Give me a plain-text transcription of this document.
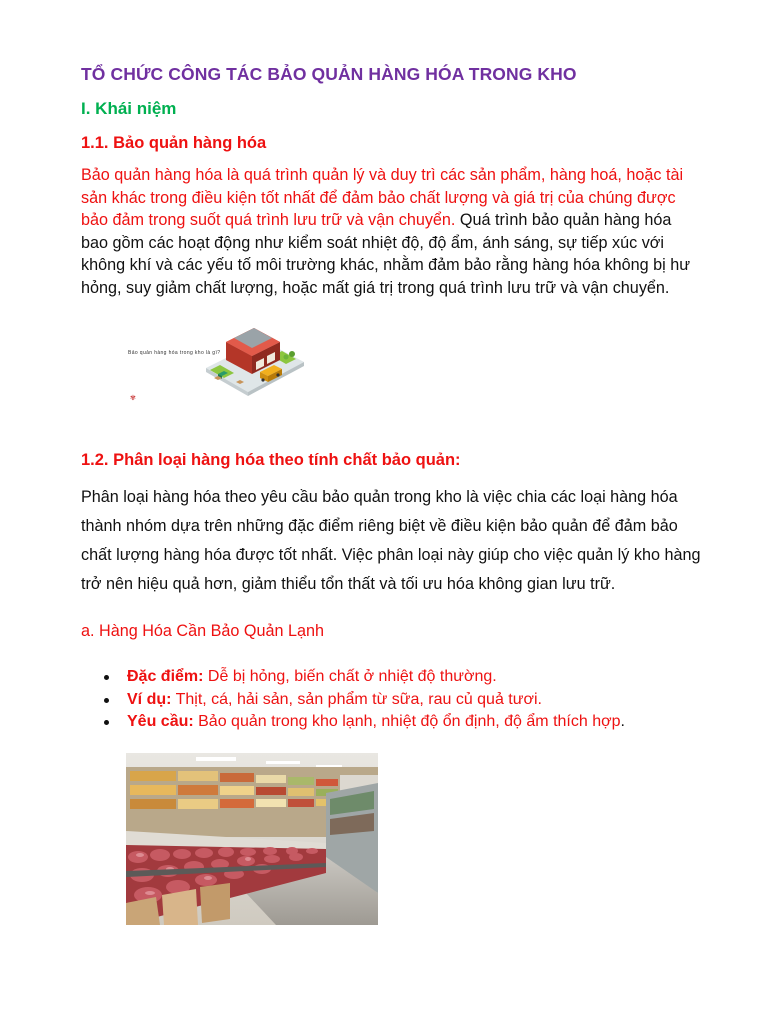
TỔ CHỨC CÔNG TÁC BẢO QUẢN HÀNG HÓA TRONG KHO
I. Khái niệm
1.1. Bảo quản hàng hóa
Bảo quản hàng hóa là quá trình quản lý và duy trì các sản phẩm, hàng hoá, hoặc tài sản khác trong điều kiện tốt nhất để đảm bảo chất lượng và giá trị của chúng được bảo đảm trong suốt quá trình lưu trữ và vận chuyển. Quá trình bảo quản hàng hóa bao gồm các hoạt động như kiểm soát nhiệt độ, độ ẩm, ánh sáng, sự tiếp xúc với không khí và các yếu tố môi trường khác, nhằm đảm bảo rằng hàng hóa không bị hư hỏng, suy giảm chất lượng, hoặc mất giá trị trong quá trình lưu trữ và vận chuyển.
Bảo quản hàng hóa trong kho là gì?
✾
1.2. Phân loại hàng hóa theo tính chất bảo quản:
Phân loại hàng hóa theo yêu cầu bảo quản trong kho là việc chia các loại hàng hóa thành nhóm dựa trên những đặc điểm riêng biệt về điều kiện bảo quản để đảm bảo chất lượng hàng hóa được tốt nhất. Việc phân loại này giúp cho việc quản lý kho hàng trở nên hiệu quả hơn, giảm thiểu tổn thất và tối ưu hóa không gian lưu trữ.
a. Hàng Hóa Cần Bảo Quản Lạnh
Đặc điểm: Dễ bị hỏng, biến chất ở nhiệt độ thường.
Ví dụ: Thịt, cá, hải sản, sản phẩm từ sữa, rau củ quả tươi.
Yêu cầu: Bảo quản trong kho lạnh, nhiệt độ ổn định, độ ẩm thích hợp.
